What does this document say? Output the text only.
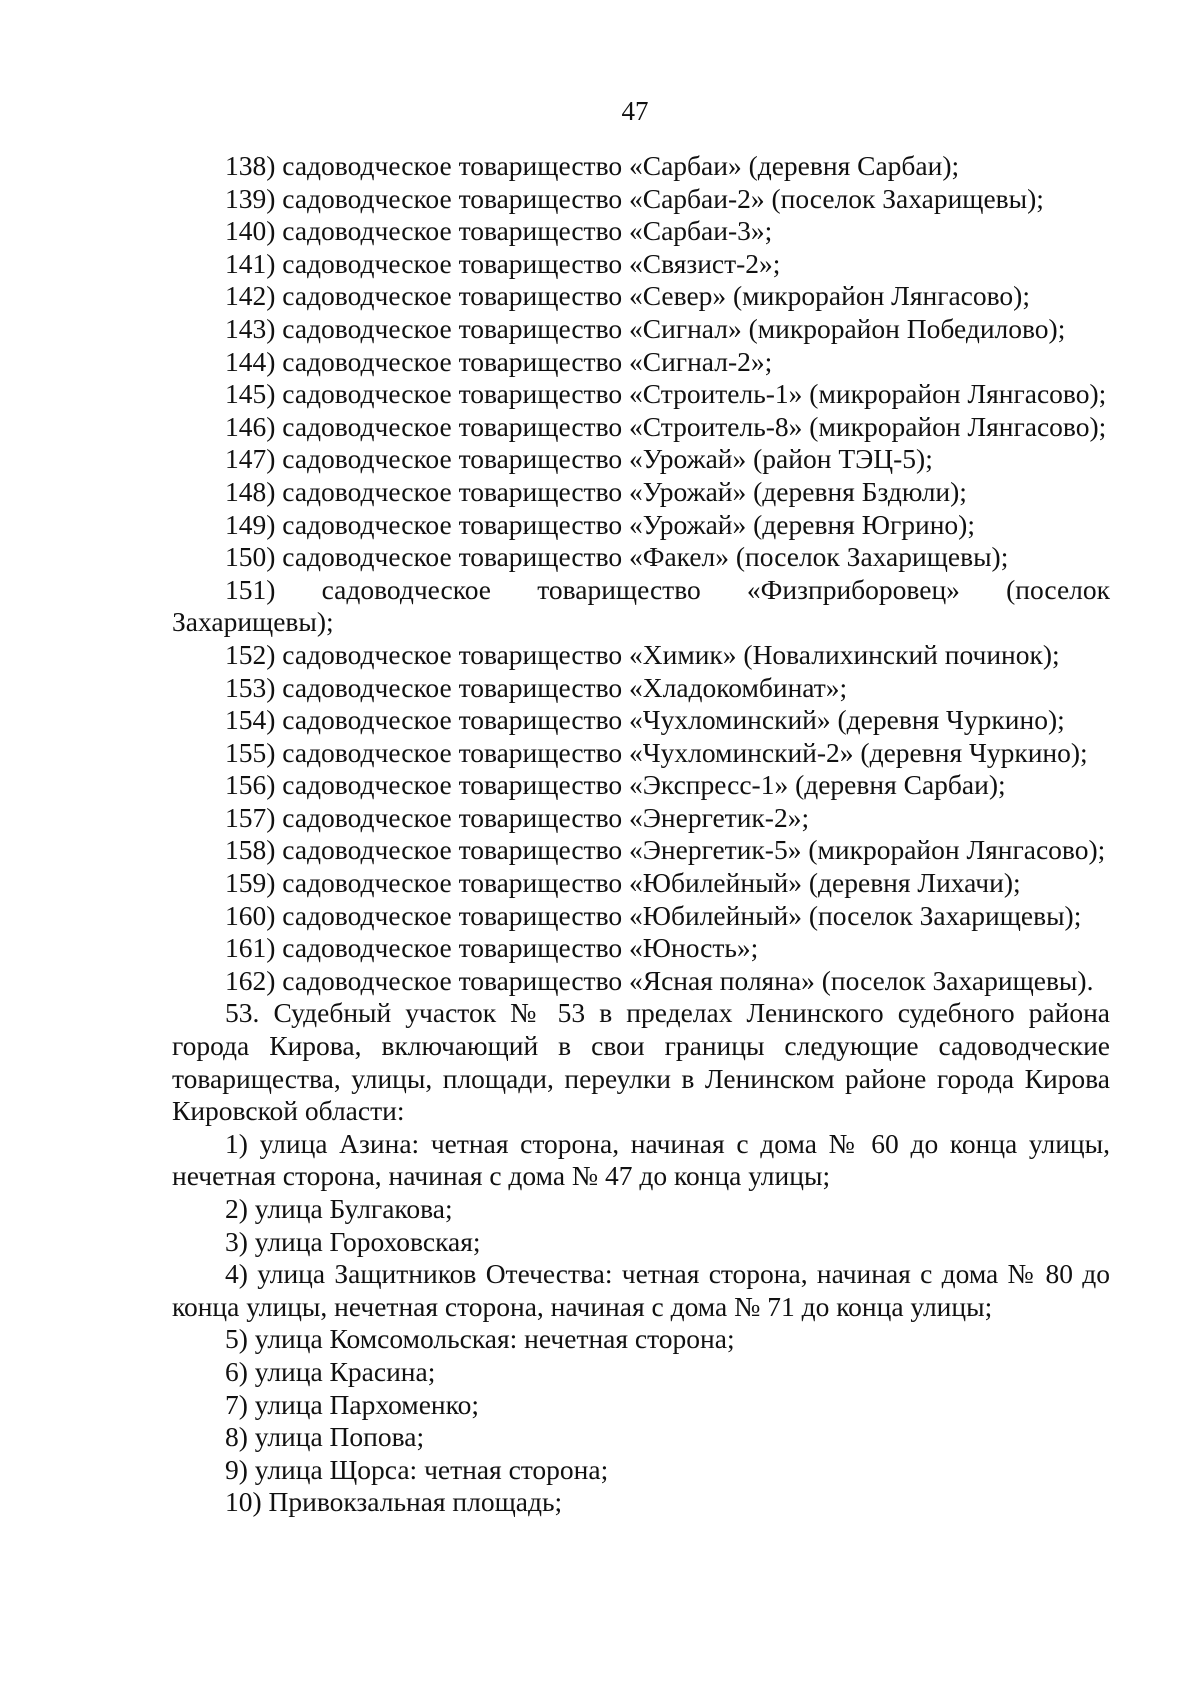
47

138) садоводческое товарищество «Сарбаи» (деревня Сарбаи);

139) садоводческое товарищество «Сарбаи-2» (поселок Захарищевы);

140) садоводческое товарищество «Сарбаи-3»;

141) садоводческое товарищество «Связист-2»;

142) садоводческое товарищество «Север» (микрорайон Лянгасово);

143) садоводческое товарищество «Сигнал» (микрорайон Победилово);

144) садоводческое товарищество «Сигнал-2»;

145) садоводческое товарищество «Строитель-1» (микрорайон Лянгасово);

146) садоводческое товарищество «Строитель-8» (микрорайон Лянгасово);

147) садоводческое товарищество «Урожай» (район ТЭЦ-5);

148) садоводческое товарищество «Урожай» (деревня Бздюли);

149) садоводческое товарищество «Урожай» (деревня Югрино);

150) садоводческое товарищество «Факел» (поселок Захарищевы);

151) садоводческое товарищество «Физприборовец» (поселок Захарищевы);

152) садоводческое товарищество «Химик» (Новалихинский починок);

153) садоводческое товарищество «Хладокомбинат»;

154) садоводческое товарищество «Чухломинский» (деревня Чуркино);

155) садоводческое товарищество «Чухломинский-2» (деревня Чуркино);

156) садоводческое товарищество «Экспресс-1» (деревня Сарбаи);

157) садоводческое товарищество «Энергетик-2»;

158) садоводческое товарищество «Энергетик-5» (микрорайон Лянгасово);

159) садоводческое товарищество «Юбилейный» (деревня Лихачи);

160) садоводческое товарищество «Юбилейный» (поселок Захарищевы);

161) садоводческое товарищество «Юность»;

162) садоводческое товарищество «Ясная поляна» (поселок Захарищевы).

53. Судебный участок № 53 в пределах Ленинского судебного района города Кирова, включающий в свои границы следующие садоводческие товарищества, улицы, площади, переулки в Ленинском районе города Кирова Кировской области:

1) улица Азина: четная сторона, начиная с дома № 60 до конца улицы, нечетная сторона, начиная с дома № 47 до конца улицы;

2) улица Булгакова;

3) улица Гороховская;

4) улица Защитников Отечества: четная сторона, начиная с дома № 80 до конца улицы, нечетная сторона, начиная с дома № 71 до конца улицы;

5) улица Комсомольская: нечетная сторона;

6) улица Красина;

7) улица Пархоменко;

8) улица Попова;

9) улица Щорса: четная сторона;

10) Привокзальная площадь;
